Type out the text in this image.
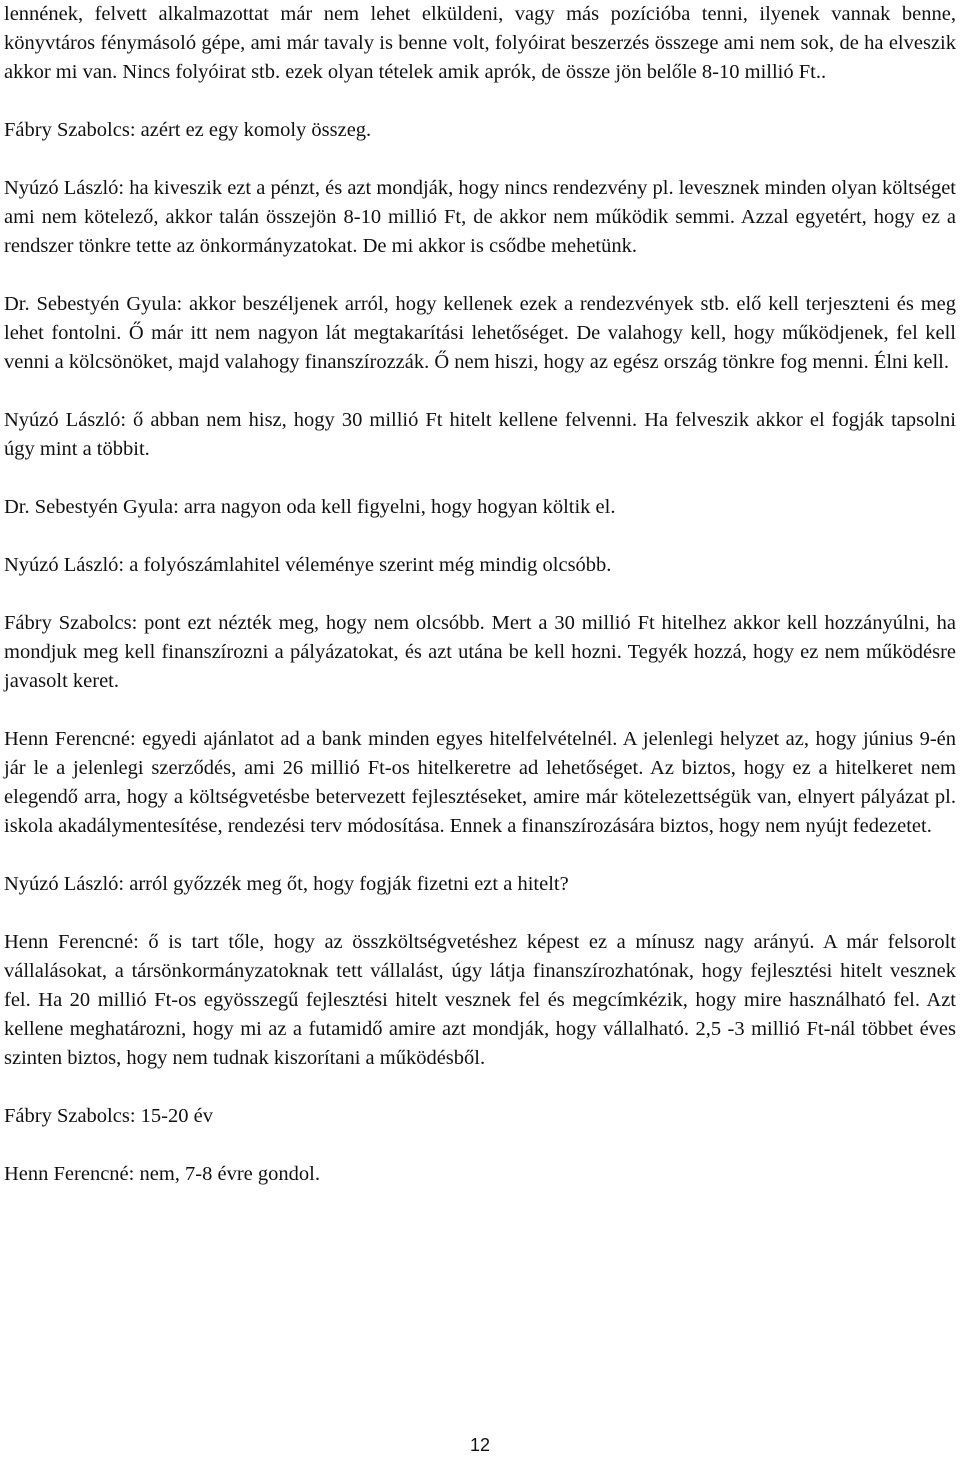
lennének, felvett alkalmazottat már nem lehet elküldeni, vagy más pozícióba tenni, ilyenek vannak benne, könyvtáros fénymásoló gépe, ami már tavaly is benne volt, folyóirat beszerzés összege ami nem sok, de ha elveszik akkor mi van. Nincs folyóirat stb. ezek olyan tételek amik aprók, de össze jön belőle 8-10 millió Ft..

Fábry Szabolcs: azért ez egy komoly összeg.

Nyúzó László: ha kiveszik ezt a pénzt, és azt mondják, hogy nincs rendezvény pl. levesznek minden olyan költséget ami nem kötelező, akkor talán összejön 8-10 millió Ft, de akkor nem működik semmi. Azzal egyetért, hogy ez a rendszer tönkre tette az önkormányzatokat. De mi akkor is csődbe mehetünk.

Dr. Sebestyén Gyula: akkor beszéljenek arról, hogy kellenek ezek a rendezvények stb. elő kell terjeszteni és meg lehet fontolni. Ő már itt nem nagyon lát megtakarítási lehetőséget. De valahogy kell, hogy működjenek, fel kell venni a kölcsönöket, majd valahogy finanszírozzák. Ő nem hiszi, hogy az egész ország tönkre fog menni. Élni kell.

Nyúzó László: ő abban nem hisz, hogy 30 millió Ft hitelt kellene felvenni. Ha felveszik akkor el fogják tapsolni úgy mint a többit.

Dr. Sebestyén Gyula: arra nagyon oda kell figyelni, hogy hogyan költik el.

Nyúzó László: a folyószámlahitel véleménye szerint még mindig olcsóbb.

Fábry Szabolcs: pont ezt nézték meg, hogy nem olcsóbb. Mert a 30 millió Ft hitelhez akkor kell hozzányúlni, ha mondjuk meg kell finanszírozni a pályázatokat, és azt utána be kell hozni. Tegyék hozzá, hogy ez nem működésre javasolt keret.

Henn Ferencné: egyedi ajánlatot ad a bank minden egyes hitelfelvételnél. A jelenlegi helyzet az, hogy június 9-én jár le a jelenlegi szerződés, ami 26 millió Ft-os hitelkeretre ad lehetőséget. Az biztos, hogy ez a hitelkeret nem elegendő arra, hogy a költségvetésbe betervezett fejlesztéseket, amire már kötelezettségük van, elnyert pályázat pl. iskola akadálymentesítése, rendezési terv módosítása. Ennek a finanszírozására biztos, hogy nem nyújt fedezetet.

Nyúzó László: arról győzzék meg őt, hogy fogják fizetni ezt a hitelt?

Henn Ferencné: ő is tart tőle, hogy az összköltségvetéshez képest ez a mínusz nagy arányú. A már felsorolt vállalásokat, a társönkormányzatoknak tett vállalást, úgy látja finanszírozhatónak, hogy fejlesztési hitelt vesznek fel. Ha 20 millió Ft-os egyösszegű fejlesztési hitelt vesznek fel és megcímkézik, hogy mire használható fel. Azt kellene meghatározni, hogy mi az a futamidő amire azt mondják, hogy vállalható. 2,5 -3 millió Ft-nál többet éves szinten biztos, hogy nem tudnak kiszorítani a működésből.

Fábry Szabolcs: 15-20 év

Henn Ferencné: nem, 7-8 évre gondol.

12
